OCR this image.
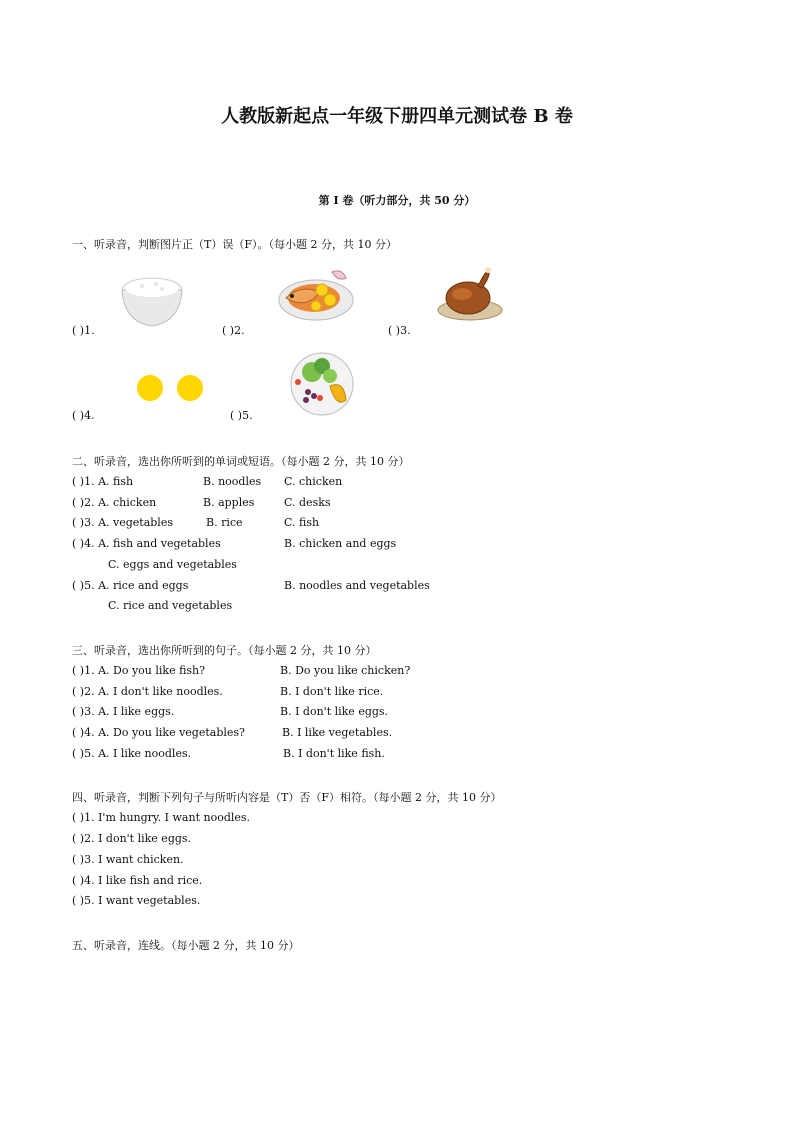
人教版新起点一年级下册四单元测试卷 B 卷
第 I 卷（听力部分，共 50 分）
一、听录音，判断图片正（T）误（F）。（每小题 2 分，共 10 分）
( )1.	( )2.	( )3.
( )4.	( )5.
二、听录音，选出你所听到的单词或短语。（每小题 2 分，共 10 分）
( )1. A. fish	B. noodles C. chicken
( )2. A. chicken	B. apples	C. desks
( )3. A. vegetables	B. rice	C. fish
( )4. A. fish and vegetables	B. chicken and eggs
C. eggs and vegetables
( )5. A. rice and eggs	B. noodles and vegetables
C. rice and vegetables
三、听录音，选出你所听到的句子。（每小题 2 分，共 10 分）
( )1. A. Do you like fish?	B. Do you like chicken?
( )2. A. I don't like noodles.	B. I don't like rice.
( )3. A. I like eggs.	B. I don't like eggs.
( )4. A. Do you like vegetables?	B. I like vegetables.
( )5. A. I like noodles.	B. I don't like fish.
四、听录音，判断下列句子与所听内容是（T）否（F）相符。（每小题 2 分，共 10 分）
( )1. I'm hungry. I want noodles.
( )2. I don't like eggs.
( )3. I want chicken.
( )4. I like fish and rice.
( )5. I want vegetables.
五、听录音，连线。（每小题 2 分，共 10 分）
